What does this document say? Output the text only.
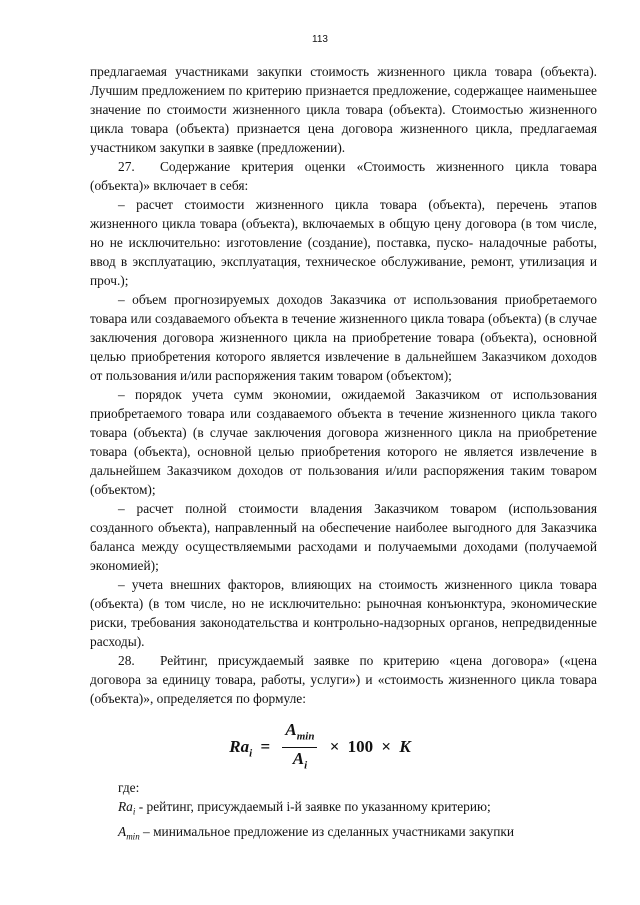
113

предлагаемая участниками закупки стоимость жизненного цикла товара (объекта). Лучшим предложением по критерию признается предложение, содержащее наименьшее значение по стоимости жизненного цикла товара (объекта). Стоимостью жизненного цикла товара (объекта) признается цена договора жизненного цикла, предлагаемая участником закупки в заявке (предложении).

27. Содержание критерия оценки «Стоимость жизненного цикла товара (объекта)» включает в себя:

– расчет стоимости жизненного цикла товара (объекта), перечень этапов жизненного цикла товара (объекта), включаемых в общую цену договора (в том числе, но не исключительно: изготовление (создание), поставка, пуско- наладочные работы, ввод в эксплуатацию, эксплуатация, техническое обслуживание, ремонт, утилизация и проч.);

– объем прогнозируемых доходов Заказчика от использования приобретаемого товара или создаваемого объекта в течение жизненного цикла товара (объекта) (в случае заключения договора жизненного цикла на приобретение товара (объекта), основной целью приобретения которого является извлечение в дальнейшем Заказчиком доходов от пользования и/или распоряжения таким товаром (объектом);

– порядок учета сумм экономии, ожидаемой Заказчиком от использования приобретаемого товара или создаваемого объекта в течение жизненного цикла такого товара (объекта) (в случае заключения договора жизненного цикла на приобретение товара (объекта), основной целью приобретения которого не является извлечение в дальнейшем Заказчиком доходов от пользования и/или распоряжения таким товаром (объектом);

– расчет полной стоимости владения Заказчиком товаром (использования созданного объекта), направленный на обеспечение наиболее выгодного для Заказчика баланса между осуществляемыми расходами и получаемыми доходами (получаемой экономией);

– учета внешних факторов, влияющих на стоимость жизненного цикла товара (объекта) (в том числе, но не исключительно: рыночная конъюнктура, экономические риски, требования законодательства и контрольно-надзорных органов, непредвиденные расходы).

28. Рейтинг, присуждаемый заявке по критерию «цена договора» («цена договора за единицу товара, работы, услуги») и «стоимость жизненного цикла товара (объекта)», определяется по формуле:

$Ra_i = \frac{A_{min}}{A_i} \times 100 \times K$

где:

$Ra_i$ - рейтинг, присуждаемый i-й заявке по указанному критерию;

$A_{min}$ – минимальное предложение из сделанных участниками закупки
